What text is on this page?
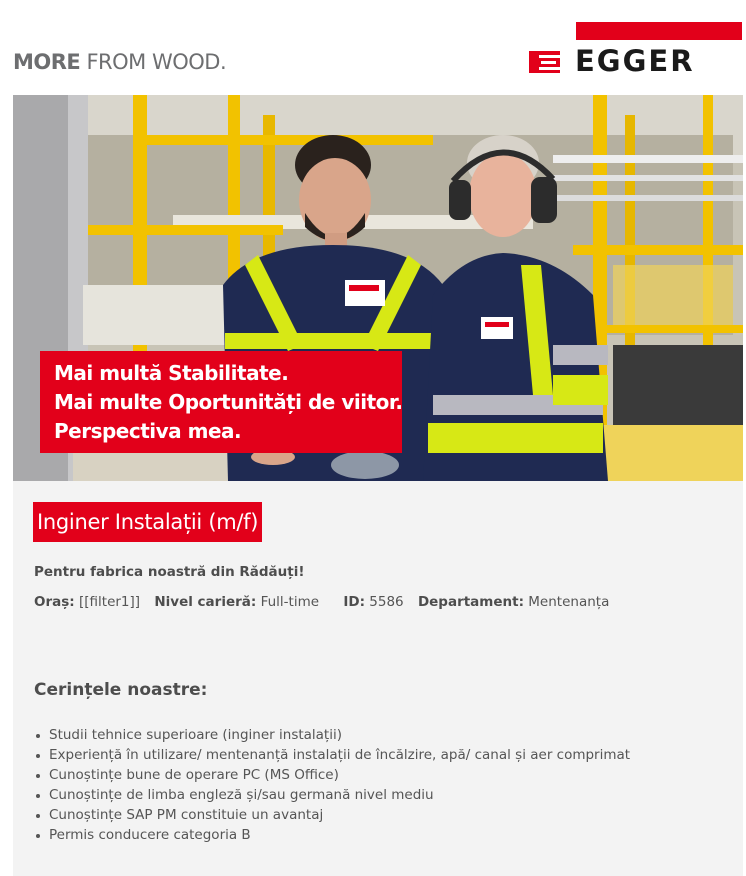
MORE FROM WOOD.	EGGER
Mai multă Stabilitate.
Mai multe Oportunități de viitor.
Perspectiva mea.
Inginer Instalații (m/f)
Pentru fabrica noastră din Rădăuți!
Oraș: [[filter1]] Nivel carieră: Full-time ID: 5586 Departament: Mentenanța
Cerințele noastre:
Studii tehnice superioare (inginer instalații)
Experiență în utilizare/ mentenanță instalații de încălzire, apă/ canal și aer comprimat
Cunoștințe bune de operare PC (MS Office)
Cunoștințe de limba engleză și/sau germană nivel mediu
Cunoștințe SAP PM constituie un avantaj
Permis conducere categoria B
